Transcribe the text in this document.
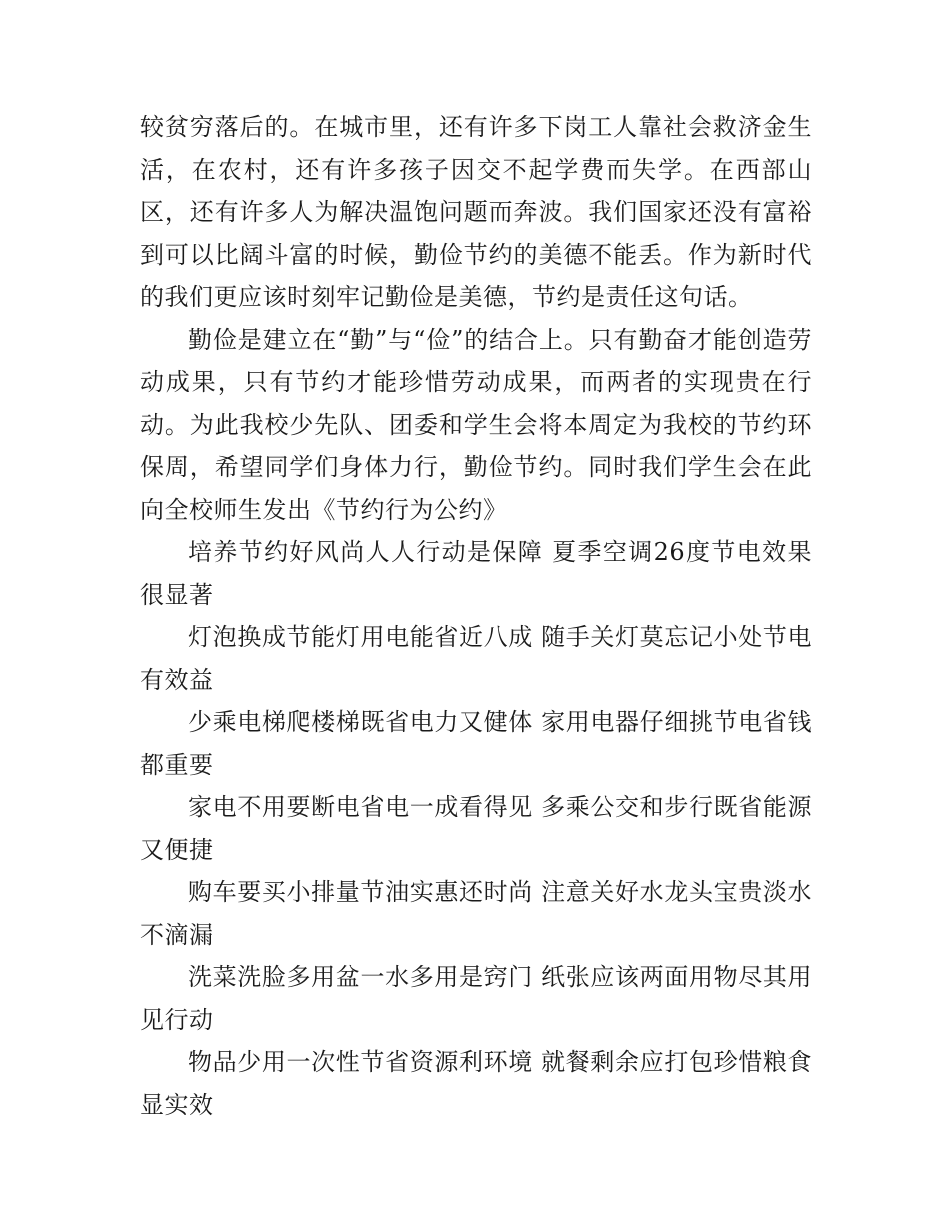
较贫穷落后的。在城市里，还有许多下岗工人靠社会救济金生活，在农村，还有许多孩子因交不起学费而失学。在西部山区，还有许多人为解决温饱问题而奔波。我们国家还没有富裕到可以比阔斗富的时候，勤俭节约的美德不能丢。作为新时代的我们更应该时刻牢记勤俭是美德，节约是责任这句话。

勤俭是建立在“勤”与“俭”的结合上。只有勤奋才能创造劳动成果，只有节约才能珍惜劳动成果，而两者的实现贵在行动。为此我校少先队、团委和学生会将本周定为我校的节约环保周，希望同学们身体力行，勤俭节约。同时我们学生会在此向全校师生发出《节约行为公约》

培养节约好风尚人人行动是保障 夏季空调26度节电效果很显著

灯泡换成节能灯用电能省近八成 随手关灯莫忘记小处节电有效益

少乘电梯爬楼梯既省电力又健体 家用电器仔细挑节电省钱都重要

家电不用要断电省电一成看得见 多乘公交和步行既省能源又便捷

购车要买小排量节油实惠还时尚 注意关好水龙头宝贵淡水不滴漏

洗菜洗脸多用盆一水多用是窍门 纸张应该两面用物尽其用见行动

物品少用一次性节省资源利环境 就餐剩余应打包珍惜粮食显实效
